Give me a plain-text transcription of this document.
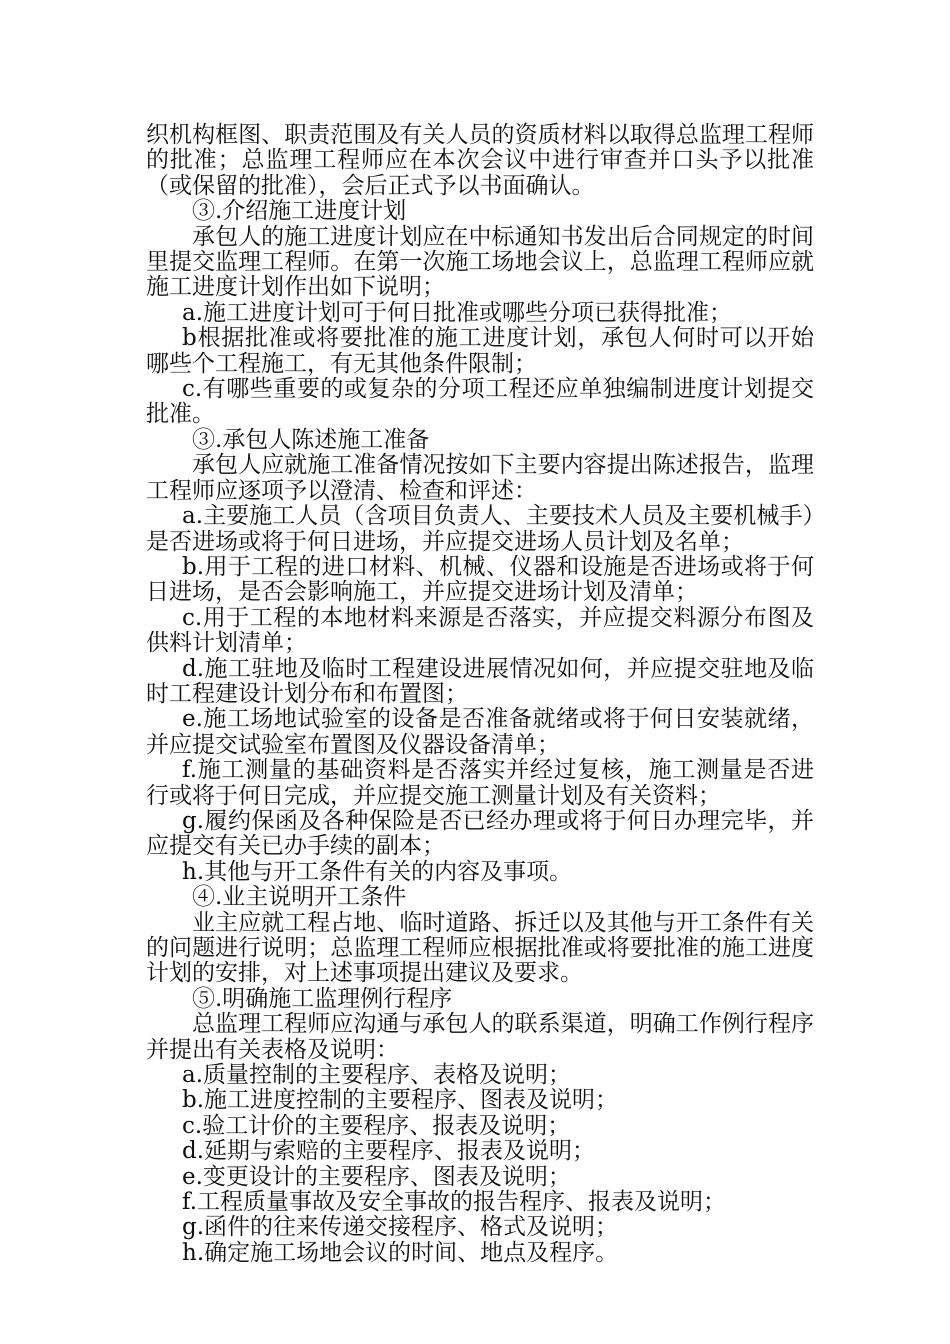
织机构框图、职责范围及有关人员的资质材料以取得总监理工程师的批准；总监理工程师应在本次会议中进行审查并口头予以批准（或保留的批准），会后正式予以书面确认。

③.介绍施工进度计划

承包人的施工进度计划应在中标通知书发出后合同规定的时间里提交监理工程师。在第一次施工场地会议上，总监理工程师应就施工进度计划作出如下说明；

a.施工进度计划可于何日批准或哪些分项已获得批准；

b根据批准或将要批准的施工进度计划，承包人何时可以开始哪些个工程施工，有无其他条件限制；

c.有哪些重要的或复杂的分项工程还应单独编制进度计划提交批准。

③.承包人陈述施工准备

承包人应就施工准备情况按如下主要内容提出陈述报告，监理工程师应逐项予以澄清、检查和评述：

a.主要施工人员（含项目负责人、主要技术人员及主要机械手）是否进场或将于何日进场，并应提交进场人员计划及名单；

b.用于工程的进口材料、机械、仪器和设施是否进场或将于何日进场，是否会影响施工，并应提交进场计划及清单；

c.用于工程的本地材料来源是否落实，并应提交料源分布图及供料计划清单；

d.施工驻地及临时工程建设进展情况如何，并应提交驻地及临时工程建设计划分布和布置图；

e.施工场地试验室的设备是否准备就绪或将于何日安装就绪，并应提交试验室布置图及仪器设备清单；

f.施工测量的基础资料是否落实并经过复核，施工测量是否进行或将于何日完成，并应提交施工测量计划及有关资料；

g.履约保函及各种保险是否已经办理或将于何日办理完毕，并应提交有关已办手续的副本；

h.其他与开工条件有关的内容及事项。

④.业主说明开工条件

业主应就工程占地、临时道路、拆迁以及其他与开工条件有关的问题进行说明；总监理工程师应根据批准或将要批准的施工进度计划的安排，对上述事项提出建议及要求。

⑤.明确施工监理例行程序

总监理工程师应沟通与承包人的联系渠道，明确工作例行程序并提出有关表格及说明：

a.质量控制的主要程序、表格及说明；

b.施工进度控制的主要程序、图表及说明；

c.验工计价的主要程序、报表及说明；

d.延期与索赔的主要程序、报表及说明；

e.变更设计的主要程序、图表及说明；

f.工程质量事故及安全事故的报告程序、报表及说明；

g.函件的往来传递交接程序、格式及说明；

h.确定施工场地会议的时间、地点及程序。
